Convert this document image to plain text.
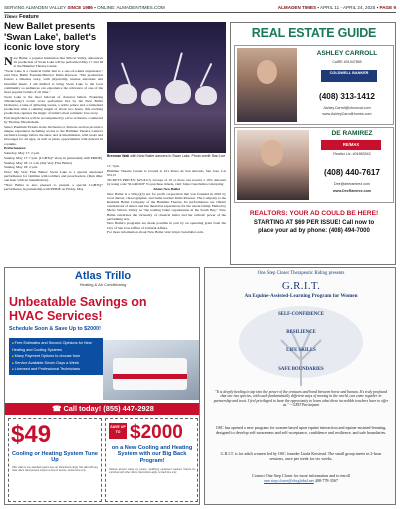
SERVING ALMADEN VALLEY SINCE 1986 ▪ ONLINE: ALMADENTIMES.COM	ALMADEN TIMES ▪ APRIL 11 - APRIL 24, 2025 ▪ PAGE 9
Times Feature
New Ballet presents 'Swan Lake', ballet's iconic love story

New Ballet, a popular institution that Silicon Valley, announces its production of Swan Lake will be performed May 17 and 18 at the Hammer Theatre Center.

"Swan Lake is a classical ballet that is a one-of-a-kind experience," said New Ballet Founder/Director Dalia Rawson. "The production fosters a timeless story, with physicality, intense emotions and beautiful music. I am thrilled to bring Swan Lake to the local community so audiences can experience the relevance of one of the most popular ballets of all time."

Swan Lake is the most beloved of classical ballets. Featuring Tchaikovsky's iconic score performed live by the New Ballet Orchestra, a lake of glittering swans, a noble prince and a tormented production with a running length of about two hours, this exciting production captures the magic of ballet's most romantic love story.

Full length shows will be accompanied by a live orchestra, conducted by Thomas Shoebotham.

Select Premium Tickets in the Orchestra or Parterre section provide a unique experience including access to the Hammer Theatre Center's exclusive lounge before the show and at intermission, with treats and beverages for all ages, as well as photo opportunities with dancers in costume.

Performances:

Saturday, May 17: 2 p.m.

Sunday, May 17: 7 p.m. (LGBTQ+ show in partnership with PRIDE)

Sunday, May 18: 11 a.m. (My Very First Ballet)

Sunday, May 18: 2 p.m.

Note: My Very First Ballet: Swan Lake is a special shortened performance for families with toddlers and preschoolers. (Run time: one hour with no intermission).

*New Ballet is also pleased to present a special LGBTQ+ performance in partnership with PRIDE on Friday, May

Brennan Wall with New Ballet dancers in Swan Lake. Photo credit: Bari Lee

17, 7pm.

Hammer Theatre Center is located at 101 Paseo de San Antonio, San Jose, CA 95113

TICKETS PRICES: $25-$113, Groups of 10 or more can receive a 10% discount by using code 'SLGROUP' To purchase tickets, visit: https://newballet.com/spring

About New Ballet

New Ballet is a 501(c)(3) not for profit corporation that was founded in 2016 by local dancer, choreographer, and ballet teacher Dalia Rawson. The Company is the Resident Ballet Company of the Hammer Theatre. Its performances are vibrant celebrations of dance and has theatrical experiences for the whole family. Hailed by Metro Silicon Valley as "the leading ballet organization in the South Bay," New Ballet celebrates the virtuosity of classical ballet and the catholic power of the performing arts.

New Ballet's programs are made possible in part by an operating grant from the City of San Jose Office of Cultural Affairs.

For more information about New Ballet visit: https://newballet.com.

REAL ESTATE GUIDE
ASHLEY CARROLL
CalRE #01947565
COLDWELL BANKER
(408) 313-1412
Ashley.Carroll@cbnorcal.com
www.AshleyCarrollHomes.com
DE RAMIREZ
RE/MAX
Realtor Lic. #01863943
(408) 440-7617
Dee@deeramirez.com
www.DeeRamirez.com
REALTORS: YOUR AD COULD BE HERE!
STARTING AT $69 PER ISSUE! Call now to
place your ad by phone: (408) 494-7000
Atlas Trillo
Heating & Air Conditioning
Unbeatable Savings on HVAC Services!
Schedule Soon & Save Up to $2000!
■ Free Estimates and Second Opinions for New Heating and Cooling Systems
■ Many Payment Options to choose from
■ Service Available Seven Days a Week
■ Licensed and Professional Technicians
☎ Call today! (855) 447-2928
$49
Cooling or Heating System Tune Up
Offer valid on one standard system tune up. Restrictions apply. Not valid with any other offers. Must present coupon at time of service. Limited time only.
SAVE UP TO $2000
on a New Cooling and Heating System with our Big Back Program!
Savings amount varies by system. Qualifying equipment required. Cannot be combined with other offers. Restrictions apply. Limited time only.
One Step Closer Therapeutic Riding presents
G.R.I.T.
An Equine-Assisted-Learning Program for Women
SELF-CONFIDENCE
RESILIENCE
LIFE SKILLS
SAFE BOUNDARIES
"It is deeply healing to tap into the power of the centaurs and bond between horse and human. It's truly profound that our two species, with such fundamentally different ways of moving in the world, can come together in partnership and trust. I feel privileged to have the opportunity to learn what these incredible teachers have to offer us." ~ GRIT Participant
OSC has opened a new program for women based upon equine interaction and equine-assisted-learning, designed to develop self-awareness and self-acceptance, confidence and resilience, and safe boundaries.
G.R.I.T. is for adult women led by OSC founder Linda Kerstead. The small group meets in 2-hour sessions, once per week for six weeks.
Contact One Step Closer for more information and to enroll
one.step.closer@sbcglobal.net 408-778-3567
